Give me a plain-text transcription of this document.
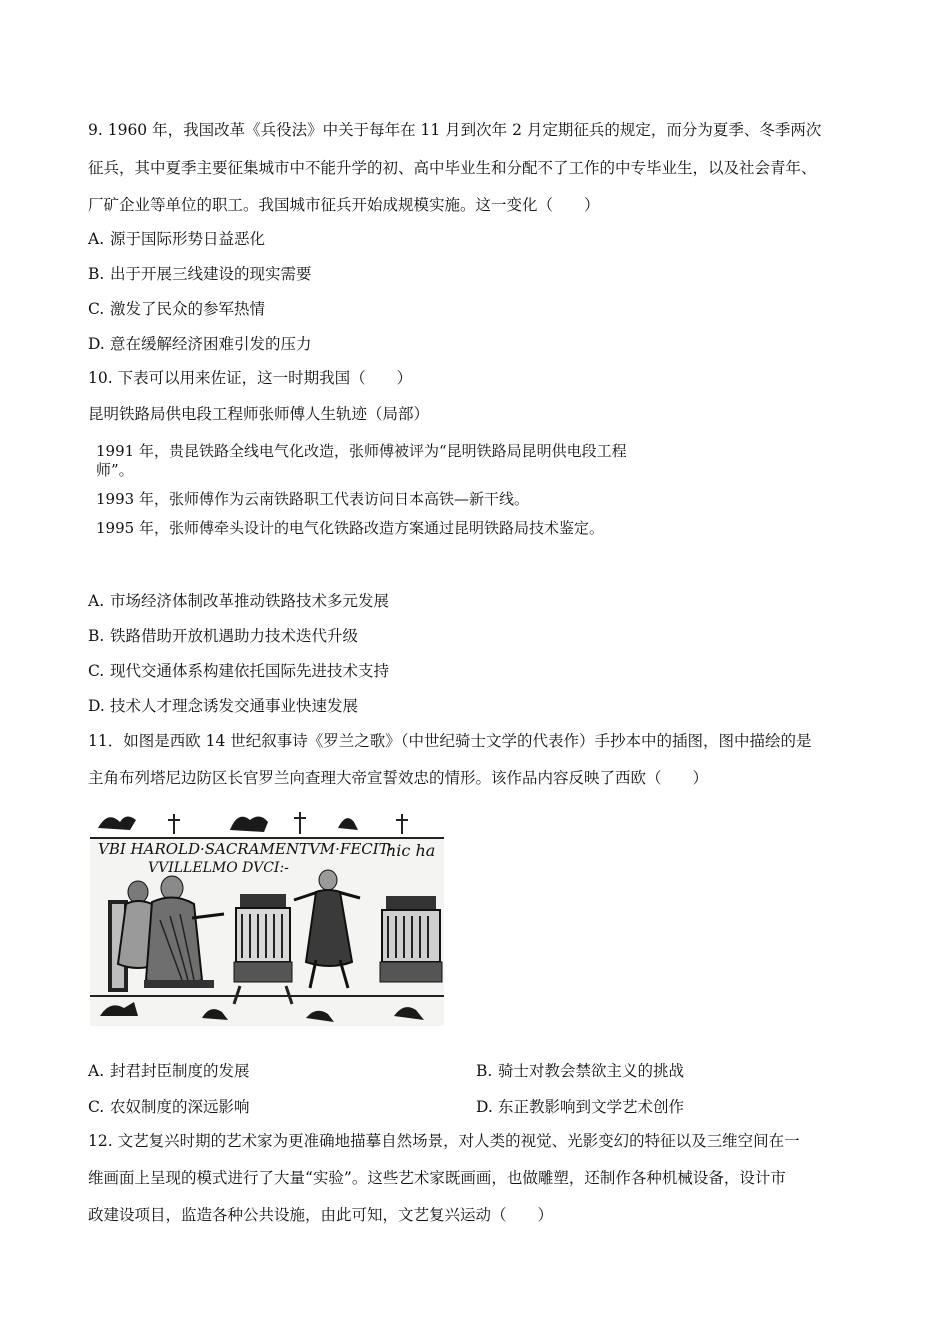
9. 1960 年，我国改革《兵役法》中关于每年在 11 月到次年 2 月定期征兵的规定，而分为夏季、冬季两次
征兵，其中夏季主要征集城市中不能升学的初、高中毕业生和分配不了工作的中专毕业生，以及社会青年、
厂矿企业等单位的职工。我国城市征兵开始成规模实施。这一变化（　　）
A. 源于国际形势日益恶化
B. 出于开展三线建设的现实需要
C. 激发了民众的参军热情
D. 意在缓解经济困难引发的压力
10. 下表可以用来佐证，这一时期我国（　　）
昆明铁路局供电段工程师张师傅人生轨迹（局部）
1991 年，贵昆铁路全线电气化改造，张师傅被评为“昆明铁路局昆明供电段工程
师”。
1993 年，张师傅作为云南铁路职工代表访问日本高铁—新干线。
1995 年，张师傅牵头设计的电气化铁路改造方案通过昆明铁路局技术鉴定。
A. 市场经济体制改革推动铁路技术多元发展
B. 铁路借助开放机遇助力技术迭代升级
C. 现代交通体系构建依托国际先进技术支持
D. 技术人才理念诱发交通事业快速发展
11．如图是西欧 14 世纪叙事诗《罗兰之歌》（中世纪骑士文学的代表作）手抄本中的插图，图中描绘的是
主角布列塔尼边防区长官罗兰向查理大帝宣誓效忠的情形。该作品内容反映了西欧（　　）
VBI HAROLD·SACRAMENTVM·FECIT·
hic ha
VVILLELMO DVCI:-
A. 封君封臣制度的发展	B. 骑士对教会禁欲主义的挑战
C. 农奴制度的深远影响	D. 东正教影响到文学艺术创作
12. 文艺复兴时期的艺术家为更准确地描摹自然场景，对人类的视觉、光影变幻的特征以及三维空间在一
维画面上呈现的模式进行了大量“实验”。这些艺术家既画画，也做雕塑，还制作各种机械设备，设计市
政建设项目，监造各种公共设施，由此可知，文艺复兴运动（　　）
